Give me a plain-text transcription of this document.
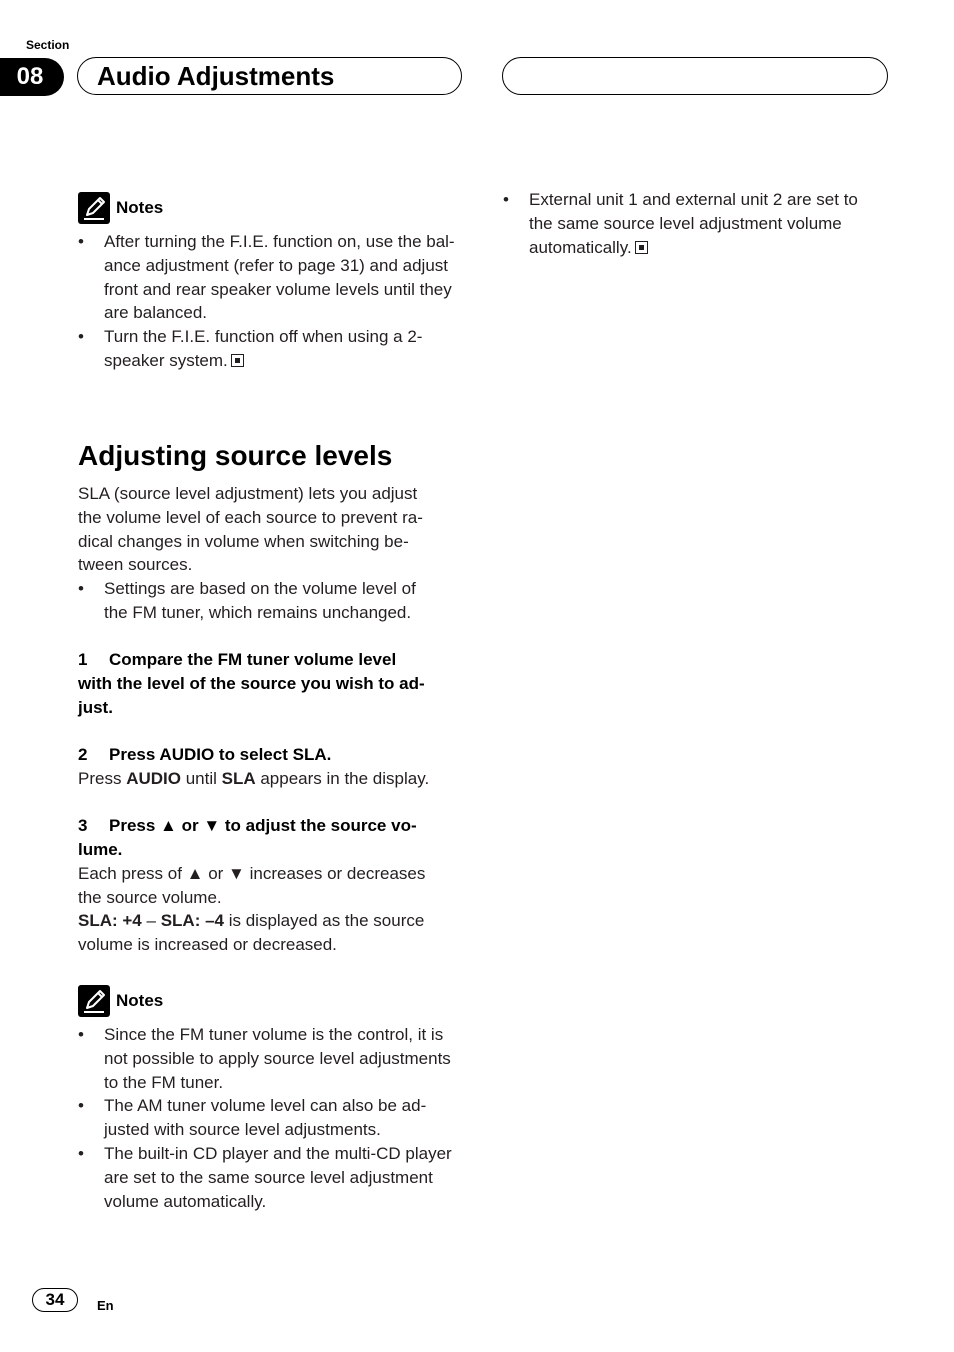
Section
08	Audio Adjustments
Notes
• After turning the F.I.E. function on, use the bal-
ance adjustment (refer to page 31) and adjust
front and rear speaker volume levels until they
are balanced.
• Turn the F.I.E. function off when using a 2-
speaker system.
Adjusting source levels
SLA (source level adjustment) lets you adjust
the volume level of each source to prevent ra-
dical changes in volume when switching be-
tween sources.
• Settings are based on the volume level of
the FM tuner, which remains unchanged.
1 Compare the FM tuner volume level
with the level of the source you wish to ad-
just.
2 Press AUDIO to select SLA.
Press AUDIO until SLA appears in the display.
3 Press ▲ or ▼ to adjust the source vo-
lume.
Each press of ▲ or ▼ increases or decreases
the source volume.
SLA: +4 – SLA: –4 is displayed as the source
volume is increased or decreased.
Notes
• Since the FM tuner volume is the control, it is
not possible to apply source level adjustments
to the FM tuner.
• The AM tuner volume level can also be ad-
justed with source level adjustments.
• The built-in CD player and the multi-CD player
are set to the same source level adjustment
volume automatically.
• External unit 1 and external unit 2 are set to
the same source level adjustment volume
automatically.
34	En
